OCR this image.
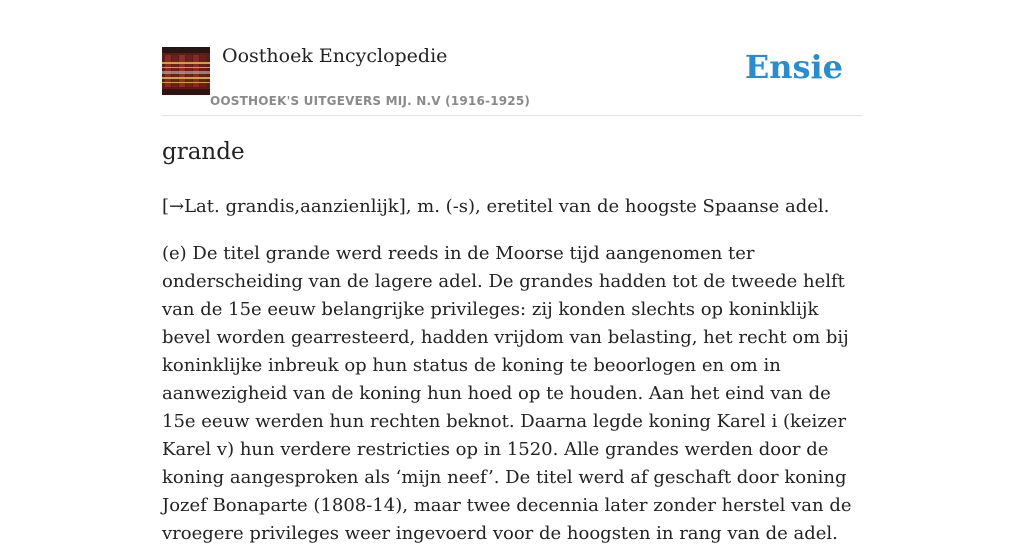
Oosthoek Encyclopedie
OOSTHOEK'S UITGEVERS MIJ. N.V (1916-1925)
Ensie
grande

[→Lat. grandis,aanzienlijk], m. (-s), eretitel van de hoogste Spaanse adel.

(e) De titel grande werd reeds in de Moorse tijd aangenomen ter onderscheiding van de lagere adel. De grandes hadden tot de tweede helft van de 15e eeuw belangrijke privileges: zij konden slechts op koninklijk bevel worden gearresteerd, hadden vrijdom van belasting, het recht om bij koninklijke inbreuk op hun status de koning te beoorlogen en om in aanwezigheid van de koning hun hoed op te houden. Aan het eind van de 15e eeuw werden hun rechten beknot. Daarna legde koning Karel i (keizer Karel v) hun verdere restricties op in 1520. Alle grandes werden door de koning aangesproken als ‘mijn neef’. De titel werd af geschaft door koning Jozef Bonaparte (1808-14), maar twee decennia later zonder herstel van de vroegere privileges weer ingevoerd voor de hoogsten in rang van de adel.
